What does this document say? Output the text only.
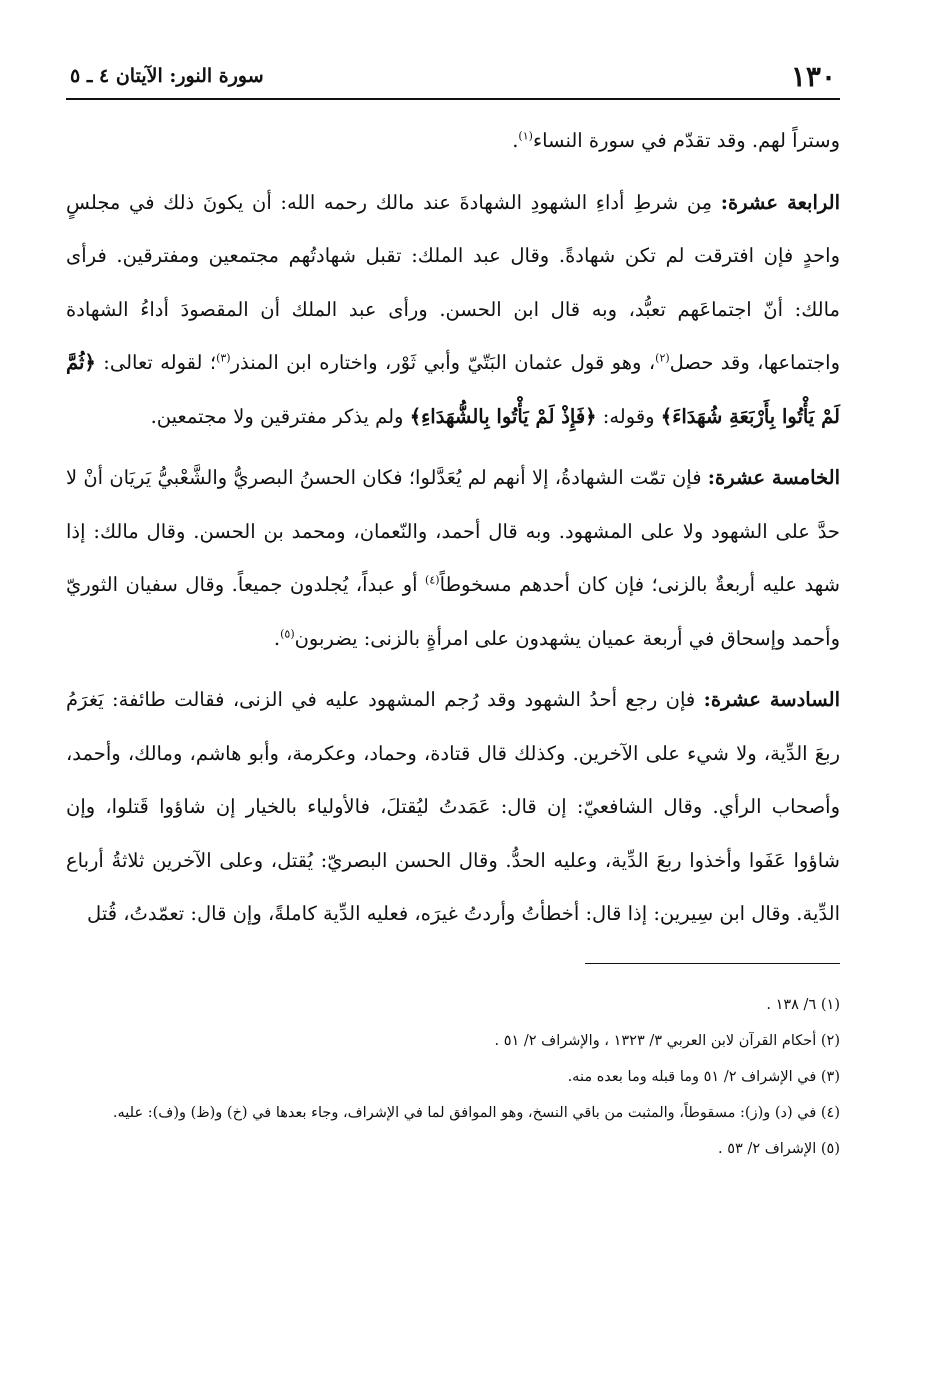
١٣٠
سورة النور: الآيتان ٤ ـ ٥

وستراً لهم. وقد تقدّم في سورة النساء$^{(١)}$.

الرابعة عشرة: مِن شرطِ أداءِ الشهودِ الشهادةَ عند مالك رحمه الله: أن يكونَ ذلك في مجلسٍ واحدٍ فإن افترقت لم تكن شهادةً. وقال عبد الملك: تقبل شهادتُهم مجتمعين ومفترقين. فرأى مالك: أنّ اجتماعَهم تعبُّد، وبه قال ابن الحسن. ورأى عبد الملك أن المقصودَ أداءُ الشهادة واجتماعها، وقد حصل$^{(٢)}$، وهو قول عثمان البَتّيّ وأبي ثَوْر، واختاره ابن المنذر$^{(٣)}$؛ لقوله تعالى: ﴿ثُمَّ لَمْ يَأْتُوا بِأَرْبَعَةِ شُهَدَاءَ﴾ وقوله: ﴿فَإِذْ لَمْ يَأْتُوا بِالشُّهَدَاءِ﴾ ولم يذكر مفترقين ولا مجتمعين.

الخامسة عشرة: فإن تمّت الشهادةُ، إلا أنهم لم يُعَدَّلوا؛ فكان الحسنُ البصريُّ والشَّعْبيُّ يَريَان أنْ لا حدَّ على الشهود ولا على المشهود. وبه قال أحمد، والنّعمان، ومحمد بن الحسن. وقال مالك: إذا شهد عليه أربعةٌ بالزنى؛ فإن كان أحدهم مسخوطاً$^{(٤)}$ أو عبداً، يُجلدون جميعاً. وقال سفيان الثوريّ وأحمد وإسحاق في أربعة عميان يشهدون على امرأةٍ بالزنى: يضربون$^{(٥)}$.

السادسة عشرة: فإن رجع أحدُ الشهود وقد رُجم المشهود عليه في الزنى، فقالت طائفة: يَغرَمُ ربعَ الدِّية، ولا شيء على الآخرين. وكذلك قال قتادة، وحماد، وعكرمة، وأبو هاشم، ومالك، وأحمد، وأصحاب الرأي. وقال الشافعيّ: إن قال: عَمَدتُ ليُقتلَ، فالأولياء بالخيار إن شاؤوا قَتلوا، وإن شاؤوا عَفَوا وأخذوا ربعَ الدِّية، وعليه الحدُّ. وقال الحسن البصريّ: يُقتل، وعلى الآخرين ثلاثةُ أرباع الدِّية. وقال ابن سِيرين: إذا قال: أخطأتُ وأردتُ غيرَه، فعليه الدِّية كاملةً، وإن قال: تعمّدتُ، قُتل

(١) ٦/ ١٣٨ .

(٢) أحكام القرآن لابن العربي ٣/ ١٣٢٣ ، والإشراف ٢/ ٥١ .

(٣) في الإشراف ٢/ ٥١ وما قبله وما بعده منه.

(٤) في (د) و(ز): مسقوطاً، والمثبت من باقي النسخ، وهو الموافق لما في الإشراف، وجاء بعدها في (خ) و(ظ) و(ف): عليه.

(٥) الإشراف ٢/ ٥٣ .
